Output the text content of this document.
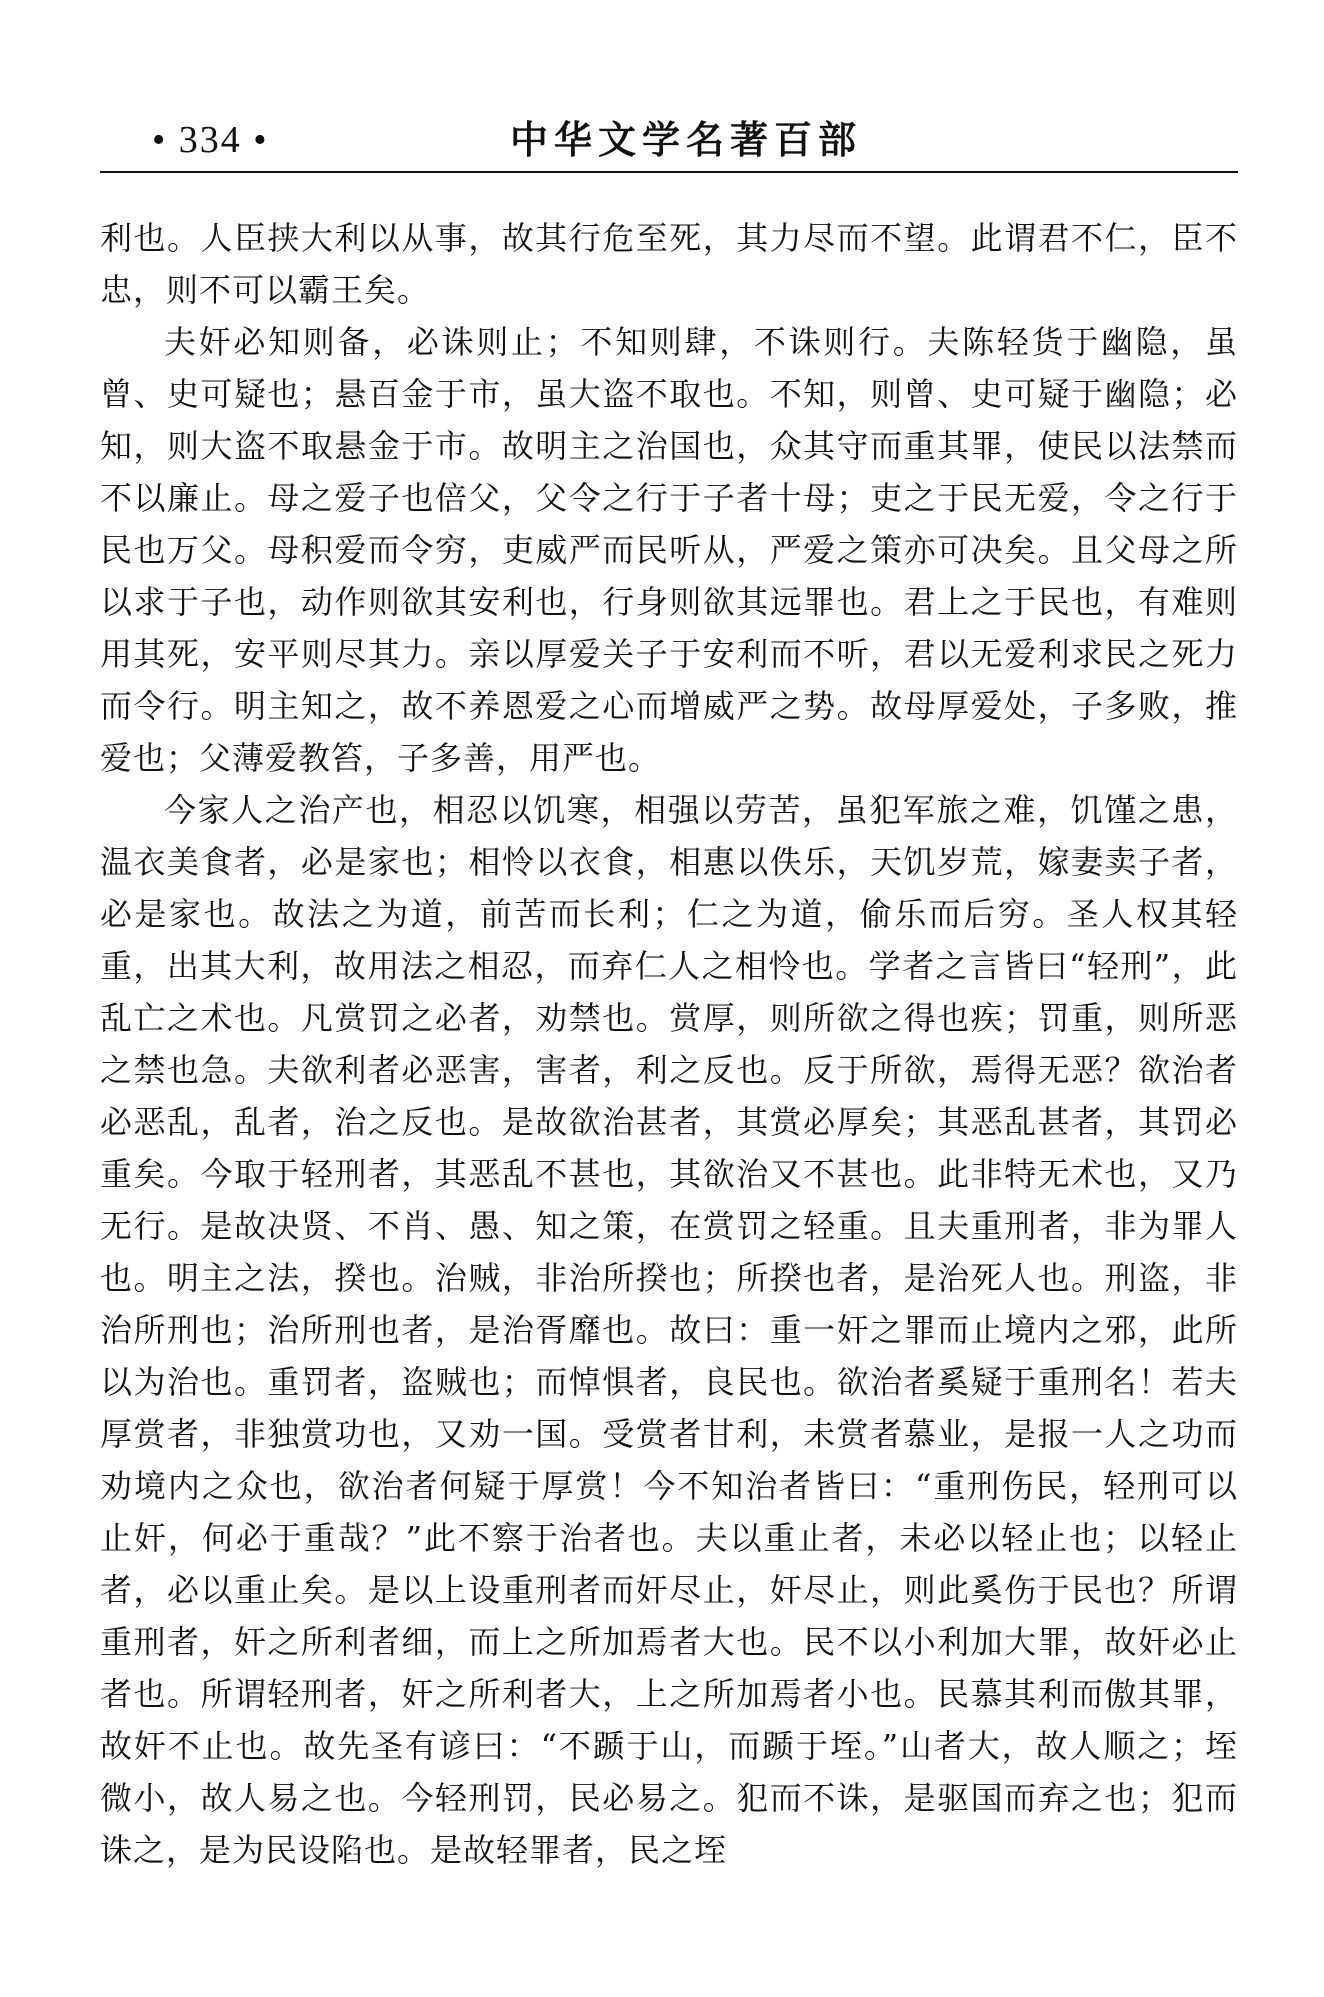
• 334 •	中华文学名著百部

利也。人臣挟大利以从事，故其行危至死，其力尽而不望。此谓君不仁，臣不忠，则不可以霸王矣。

夫奸必知则备，必诛则止；不知则肆，不诛则行。夫陈轻货于幽隐，虽曾、史可疑也；悬百金于市，虽大盗不取也。不知，则曾、史可疑于幽隐；必知，则大盗不取悬金于市。故明主之治国也，众其守而重其罪，使民以法禁而不以廉止。母之爱子也倍父，父令之行于子者十母；吏之于民无爱，令之行于民也万父。母积爱而令穷，吏威严而民听从，严爱之策亦可决矣。且父母之所以求于子也，动作则欲其安利也，行身则欲其远罪也。君上之于民也，有难则用其死，安平则尽其力。亲以厚爱关子于安利而不听，君以无爱利求民之死力而令行。明主知之，故不养恩爱之心而增威严之势。故母厚爱处，子多败，推爱也；父薄爱教笞，子多善，用严也。

今家人之治产也，相忍以饥寒，相强以劳苦，虽犯军旅之难，饥馑之患，温衣美食者，必是家也；相怜以衣食，相惠以佚乐，天饥岁荒，嫁妻卖子者，必是家也。故法之为道，前苦而长利；仁之为道，偷乐而后穷。圣人权其轻重，出其大利，故用法之相忍，而弃仁人之相怜也。学者之言皆曰“轻刑”，此乱亡之术也。凡赏罚之必者，劝禁也。赏厚，则所欲之得也疾；罚重，则所恶之禁也急。夫欲利者必恶害，害者，利之反也。反于所欲，焉得无恶？欲治者必恶乱，乱者，治之反也。是故欲治甚者，其赏必厚矣；其恶乱甚者，其罚必重矣。今取于轻刑者，其恶乱不甚也，其欲治又不甚也。此非特无术也，又乃无行。是故决贤、不肖、愚、知之策，在赏罚之轻重。且夫重刑者，非为罪人也。明主之法，揆也。治贼，非治所揆也；所揆也者，是治死人也。刑盗，非治所刑也；治所刑也者，是治胥靡也。故曰：重一奸之罪而止境内之邪，此所以为治也。重罚者，盗贼也；而悼惧者，良民也。欲治者奚疑于重刑名！若夫厚赏者，非独赏功也，又劝一国。受赏者甘利，未赏者慕业，是报一人之功而劝境内之众也，欲治者何疑于厚赏！今不知治者皆曰：“重刑伤民，轻刑可以止奸，何必于重哉？”此不察于治者也。夫以重止者，未必以轻止也；以轻止者，必以重止矣。是以上设重刑者而奸尽止，奸尽止，则此奚伤于民也？所谓重刑者，奸之所利者细，而上之所加焉者大也。民不以小利加大罪，故奸必止者也。所谓轻刑者，奸之所利者大，上之所加焉者小也。民慕其利而傲其罪，故奸不止也。故先圣有谚曰：“不踬于山，而踬于垤。”山者大，故人顺之；垤微小，故人易之也。今轻刑罚，民必易之。犯而不诛，是驱国而弃之也；犯而诛之，是为民设陷也。是故轻罪者，民之垤
